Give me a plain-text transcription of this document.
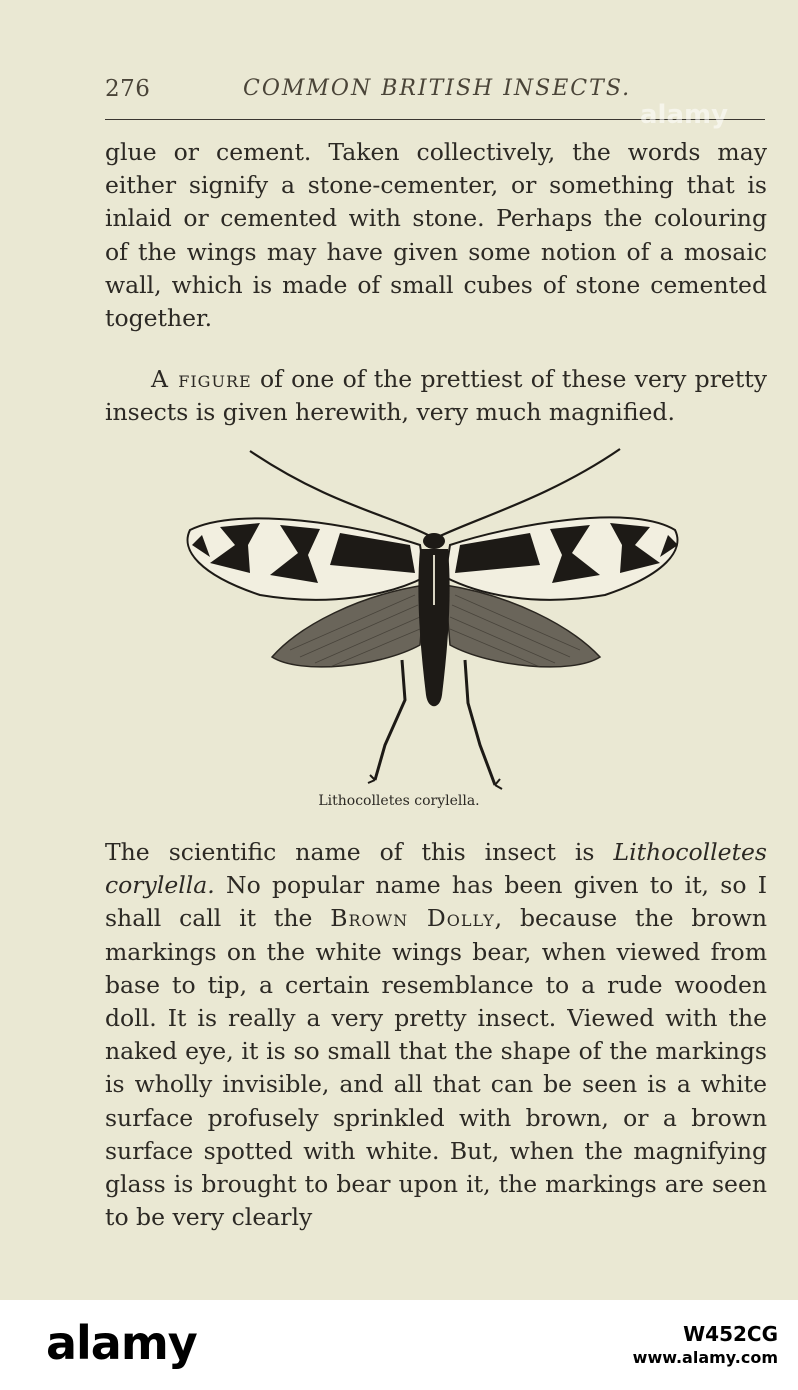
276	COMMON BRITISH INSECTS.

glue or cement. Taken collectively, the words may either signify a stone-cementer, or something that is inlaid or cemented with stone. Perhaps the colouring of the wings may have given some notion of a mosaic wall, which is made of small cubes of stone cemented together.

A figure of one of the prettiest of these very pretty insects is given herewith, very much magnified.

Lithocolletes corylella.

The scientific name of this insect is Lithocolletes corylella. No popular name has been given to it, so I shall call it the Brown Dolly, because the brown markings on the white wings bear, when viewed from base to tip, a certain resemblance to a rude wooden doll. It is really a very pretty insect. Viewed with the naked eye, it is so small that the shape of the markings is wholly invisible, and all that can be seen is a white surface profusely sprinkled with brown, or a brown surface spotted with white. But, when the magnifying glass is brought to bear upon it, the markings are seen to be very clearly

alamy
alamy	W452CG
www.alamy.com
